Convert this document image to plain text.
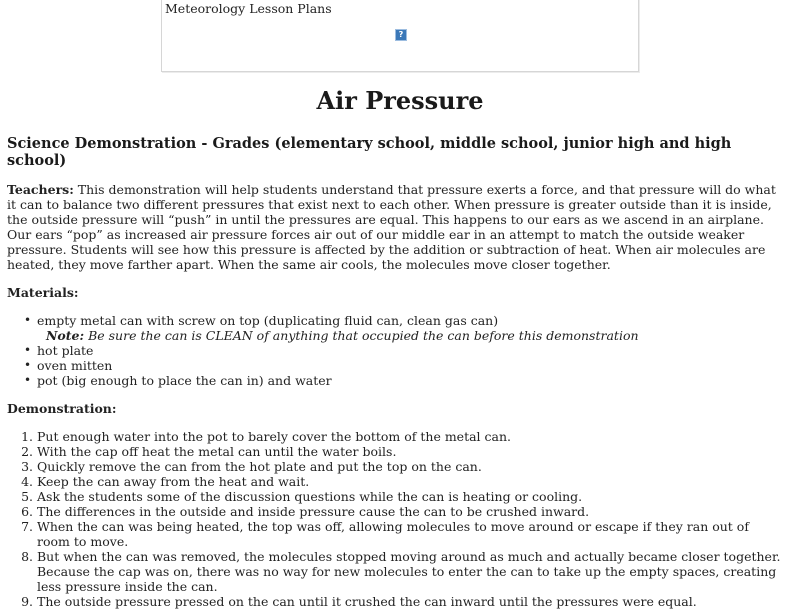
Meteorology Lesson Plans
?
Air Pressure
Science Demonstration - Grades (elementary school, middle school, junior high and high school)

Teachers: This demonstration will help students understand that pressure exerts a force, and that pressure will do what it can to balance two different pressures that exist next to each other. When pressure is greater outside than it is inside, the outside pressure will “push” in until the pressures are equal. This happens to our ears as we ascend in an airplane. Our ears “pop” as increased air pressure forces air out of our middle ear in an attempt to match the outside weaker pressure. Students will see how this pressure is affected by the addition or subtraction of heat. When air molecules are heated, they move farther apart. When the same air cools, the molecules move closer together.

Materials:
• empty metal can with screw on top (duplicating fluid can, clean gas can)
Note: Be sure the can is CLEAN of anything that occupied the can before this demonstration
• hot plate
• oven mitten
• pot (big enough to place the can in) and water
Demonstration:
1. Put enough water into the pot to barely cover the bottom of the metal can.
2. With the cap off heat the metal can until the water boils.
3. Quickly remove the can from the hot plate and put the top on the can.
4. Keep the can away from the heat and wait.
5. Ask the students some of the discussion questions while the can is heating or cooling.
6. The differences in the outside and inside pressure cause the can to be crushed inward.
7. When the can was being heated, the top was off, allowing molecules to move around or escape if they ran out of room to move.
8. But when the can was removed, the molecules stopped moving around as much and actually became closer together. Because the cap was on, there was no way for new molecules to enter the can to take up the empty spaces, creating less pressure inside the can.
9. The outside pressure pressed on the can until it crushed the can inward until the pressures were equal.
